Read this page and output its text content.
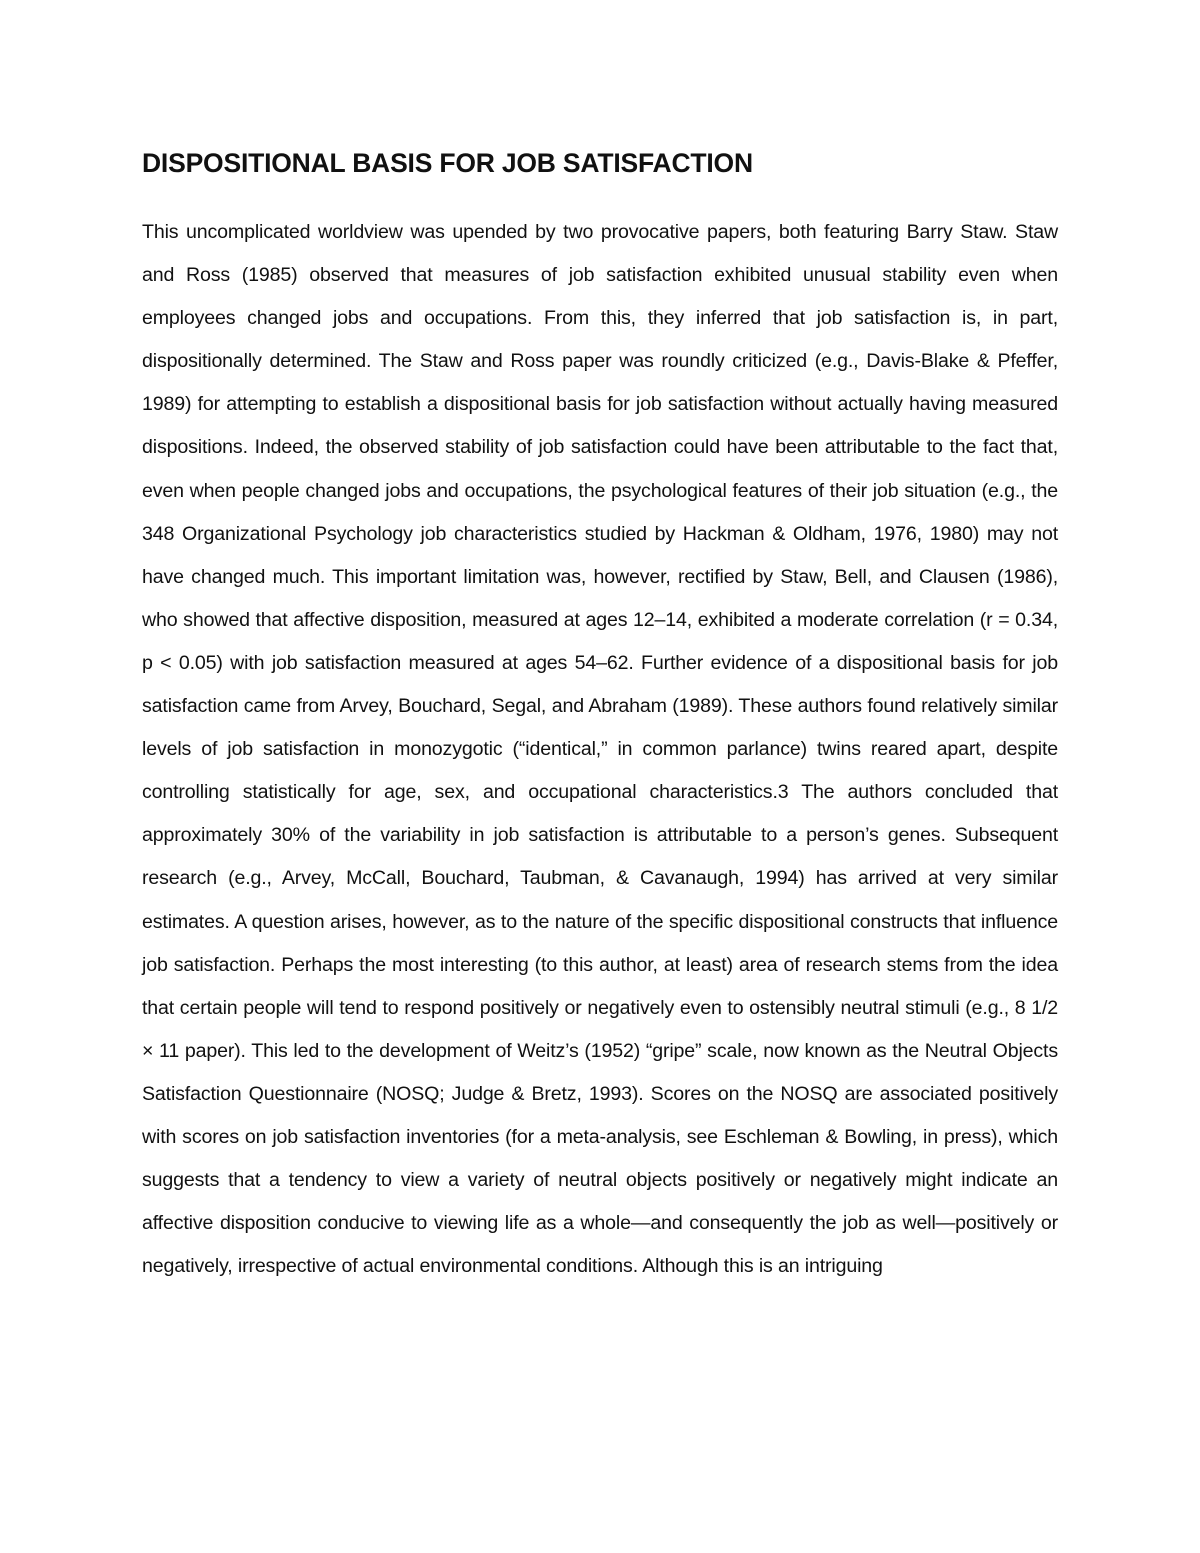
DISPOSITIONAL BASIS FOR JOB SATISFACTION

This uncomplicated worldview was upended by two provocative papers, both featuring Barry Staw. Staw and Ross (1985) observed that measures of job satisfaction exhibited unusual stability even when employees changed jobs and occupations. From this, they inferred that job satisfaction is, in part, dispositionally determined. The Staw and Ross paper was roundly criticized (e.g., Davis-Blake & Pfeffer, 1989) for attempting to establish a dispositional basis for job satisfaction without actually having measured dispositions. Indeed, the observed stability of job satisfaction could have been attributable to the fact that, even when people changed jobs and occupations, the psychological features of their job situation (e.g., the 348 Organizational Psychology job characteristics studied by Hackman & Oldham, 1976, 1980) may not have changed much. This important limitation was, however, rectified by Staw, Bell, and Clausen (1986), who showed that affective disposition, measured at ages 12–14, exhibited a moderate correlation (r = 0.34, p < 0.05) with job satisfaction measured at ages 54–62. Further evidence of a dispositional basis for job satisfaction came from Arvey, Bouchard, Segal, and Abraham (1989). These authors found relatively similar levels of job satisfaction in monozygotic (“identical,” in common parlance) twins reared apart, despite controlling statistically for age, sex, and occupational characteristics.3 The authors concluded that approximately 30% of the variability in job satisfaction is attributable to a person’s genes. Subsequent research (e.g., Arvey, McCall, Bouchard, Taubman, & Cavanaugh, 1994) has arrived at very similar estimates. A question arises, however, as to the nature of the specific dispositional constructs that influence job satisfaction. Perhaps the most interesting (to this author, at least) area of research stems from the idea that certain people will tend to respond positively or negatively even to ostensibly neutral stimuli (e.g., 8 1/2 × 11 paper). This led to the development of Weitz’s (1952) “gripe” scale, now known as the Neutral Objects Satisfaction Questionnaire (NOSQ; Judge & Bretz, 1993). Scores on the NOSQ are associated positively with scores on job satisfaction inventories (for a meta-analysis, see Eschleman & Bowling, in press), which suggests that a tendency to view a variety of neutral objects positively or negatively might indicate an affective disposition conducive to viewing life as a whole—and consequently the job as well—positively or negatively, irrespective of actual environmental conditions. Although this is an intriguing
